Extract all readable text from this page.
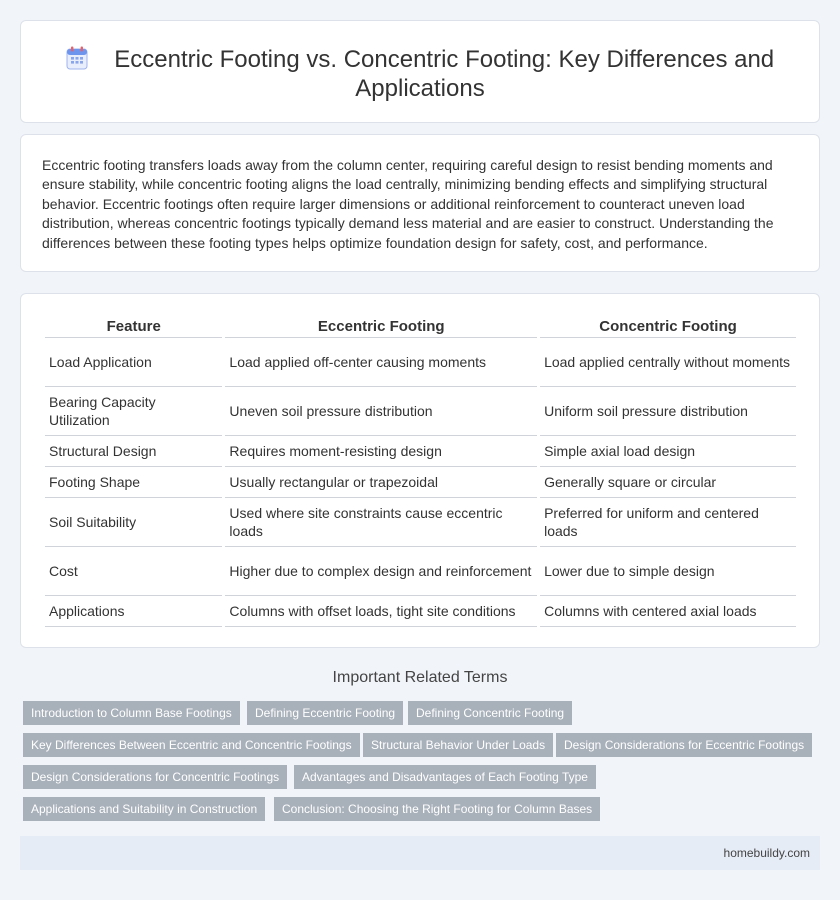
Eccentric Footing vs. Concentric Footing: Key Differences and Applications

Eccentric footing transfers loads away from the column center, requiring careful design to resist bending moments and ensure stability, while concentric footing aligns the load centrally, minimizing bending effects and simplifying structural behavior. Eccentric footings often require larger dimensions or additional reinforcement to counteract uneven load distribution, whereas concentric footings typically demand less material and are easier to construct. Understanding the differences between these footing types helps optimize foundation design for safety, cost, and performance.

Feature	Eccentric Footing	Concentric Footing
Load Application	Load applied off-center causing moments	Load applied centrally without moments
Bearing Capacity Utilization	Uneven soil pressure distribution	Uniform soil pressure distribution
Structural Design	Requires moment-resisting design	Simple axial load design
Footing Shape	Usually rectangular or trapezoidal	Generally square or circular
Soil Suitability	Used where site constraints cause eccentric loads	Preferred for uniform and centered loads
Cost	Higher due to complex design and reinforcement	Lower due to simple design
Applications	Columns with offset loads, tight site conditions	Columns with centered axial loads
Important Related Terms
Introduction to Column Base Footings	Defining Eccentric Footing	Defining Concentric Footing
Key Differences Between Eccentric and Concentric Footings	Structural Behavior Under Loads	Design Considerations for Eccentric Footings
Design Considerations for Concentric Footings	Advantages and Disadvantages of Each Footing Type
Applications and Suitability in Construction	Conclusion: Choosing the Right Footing for Column Bases
homebuildy.com
